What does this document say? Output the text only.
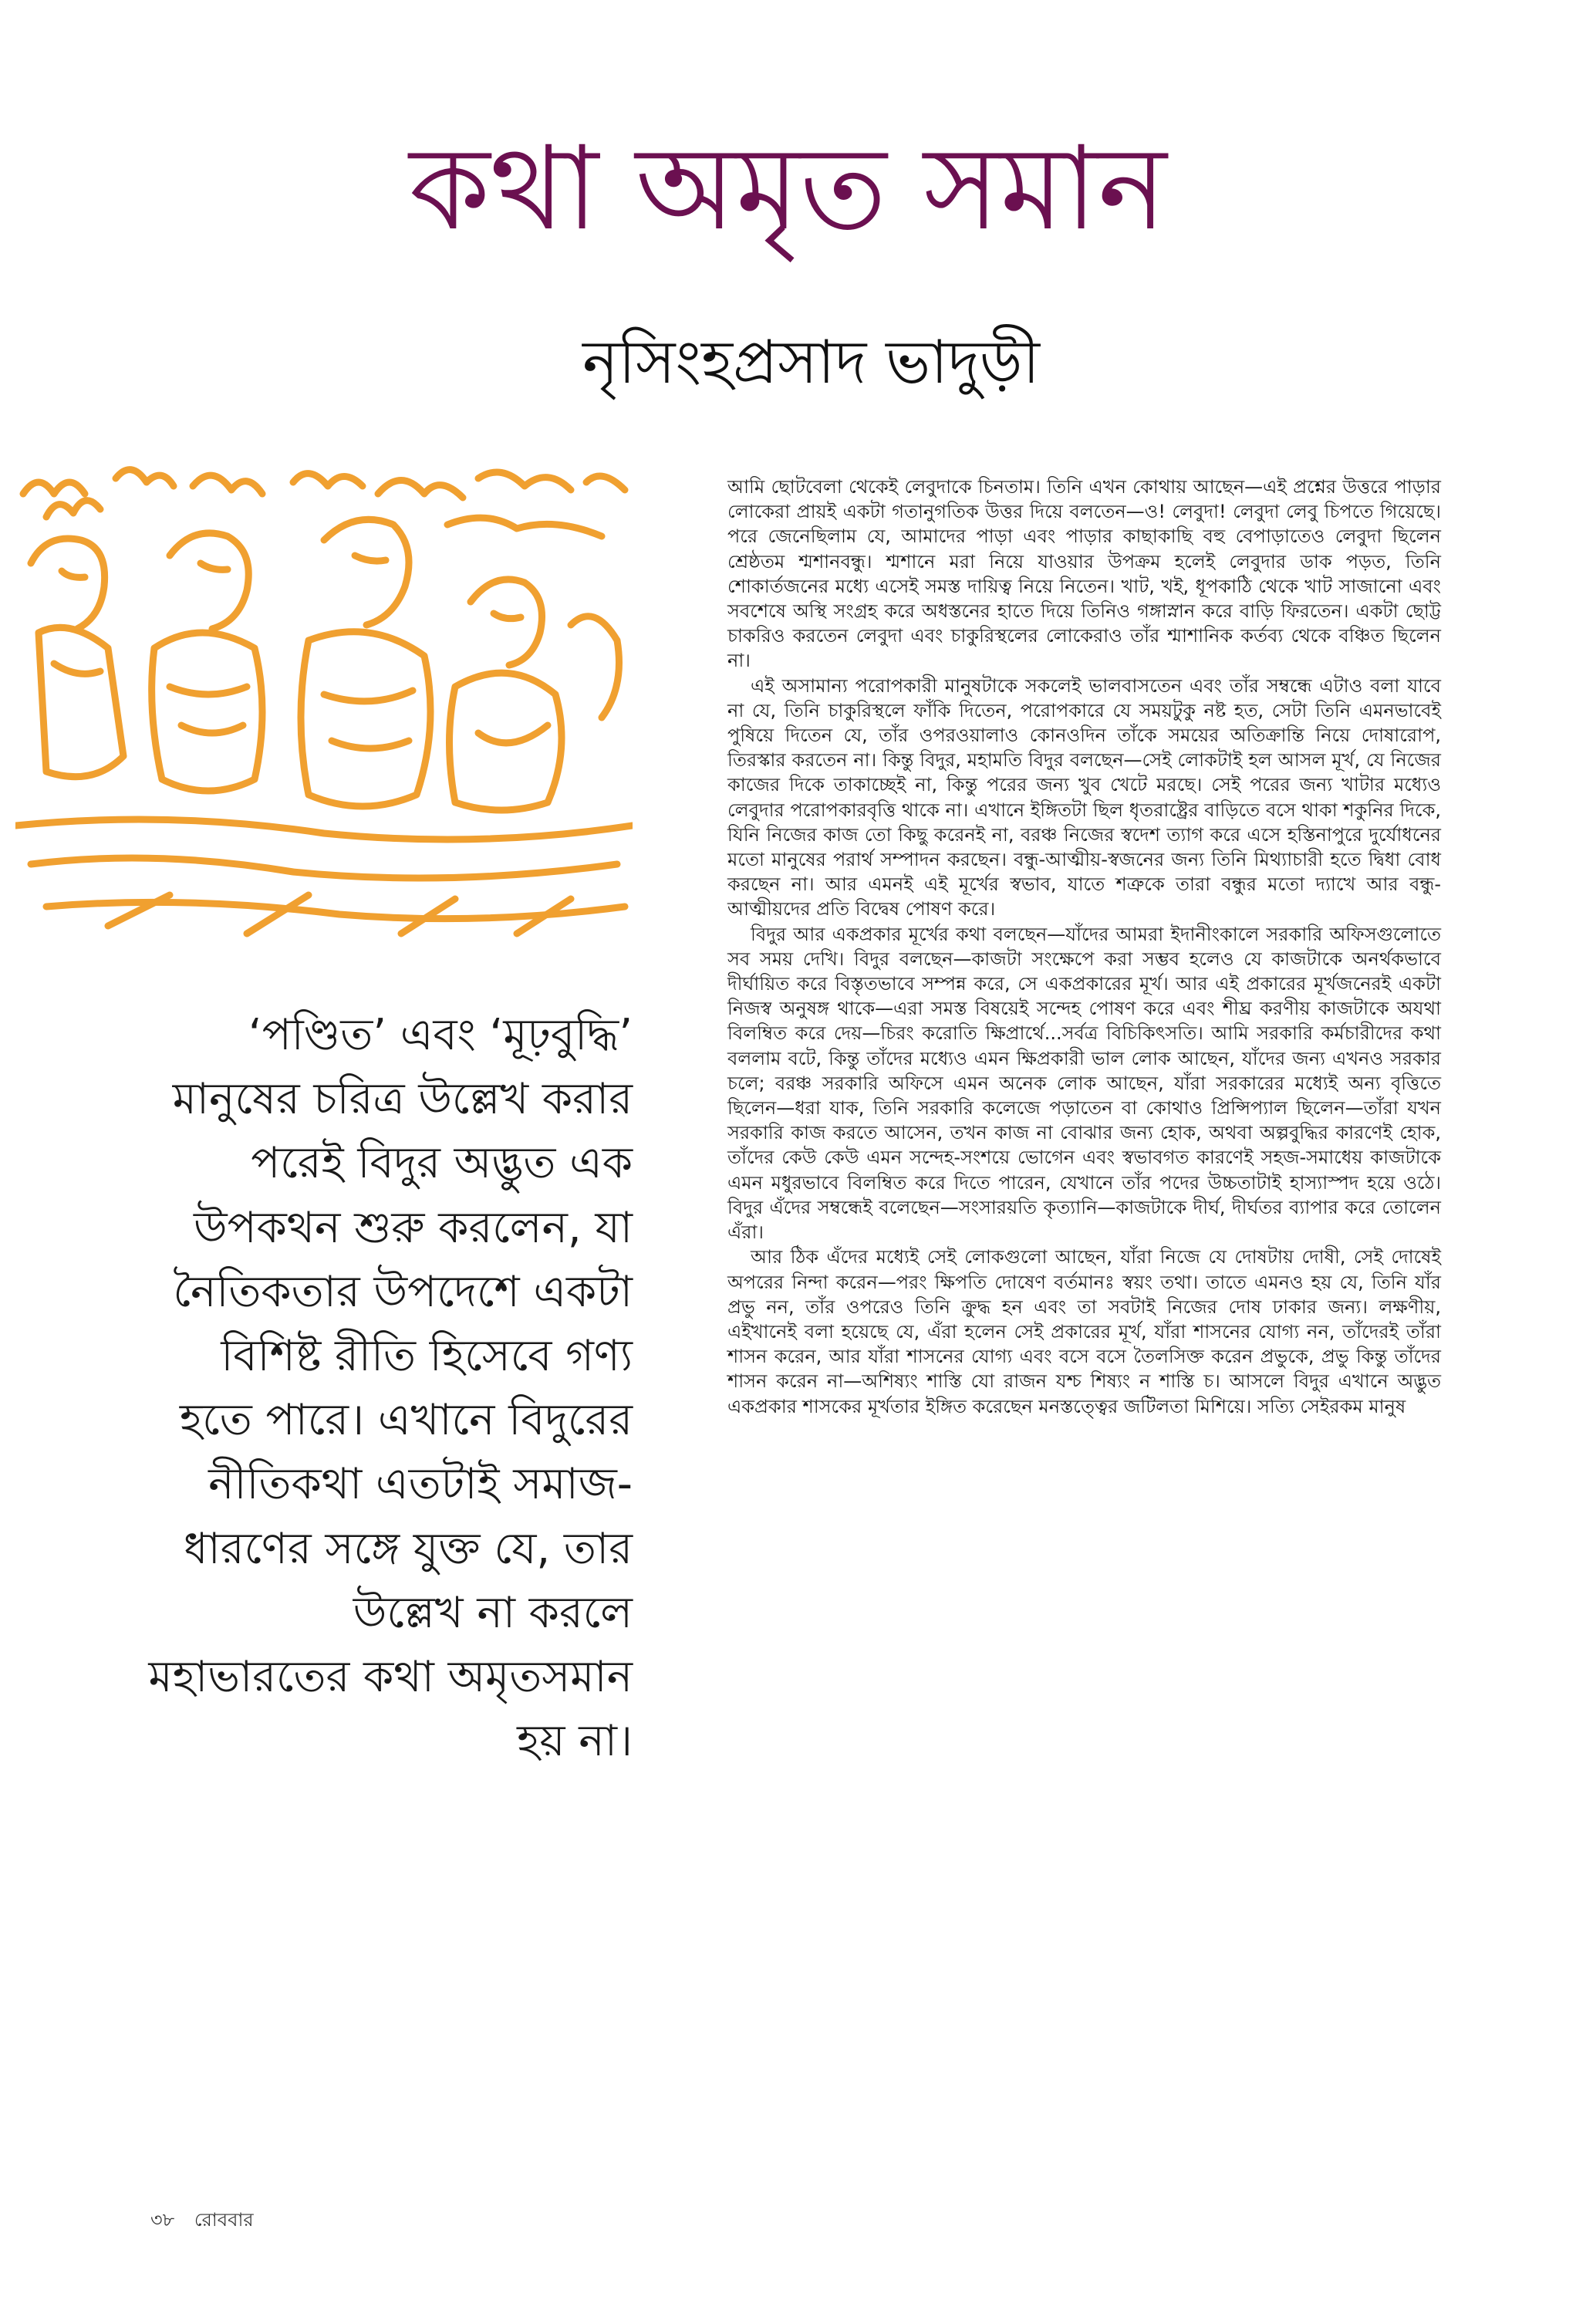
কথা অমৃত সমান
নৃসিংহপ্রসাদ ভাদুড়ী

‘পণ্ডিত’ এবং ‘মূঢ়বুদ্ধি’ মানুষের চরিত্র উল্লেখ করার পরেই বিদুর অদ্ভুত এক উপকথন শুরু করলেন, যা নৈতিকতার উপদেশে একটা বিশিষ্ট রীতি হিসেবে গণ্য হতে পারে। এখানে বিদুরের নীতিকথা এতটাই সমাজ-ধারণের সঙ্গে যুক্ত যে, তার উল্লেখ না করলে মহাভারতের কথা অমৃতসমান হয় না।

আমি ছোটবেলা থেকেই লেবুদাকে চিনতাম। তিনি এখন কোথায় আছেন—এই প্রশ্নের উত্তরে পাড়ার লোকেরা প্রায়ই একটা গতানুগতিক উত্তর দিয়ে বলতেন—ও! লেবুদা! লেবুদা লেবু চিপতে গিয়েছে। পরে জেনেছিলাম যে, আমাদের পাড়া এবং পাড়ার কাছাকাছি বহু বেপাড়াতেও লেবুদা ছিলেন শ্রেষ্ঠতম শ্মশানবন্ধু। শ্মশানে মরা নিয়ে যাওয়ার উপক্রম হলেই লেবুদার ডাক পড়ত, তিনি শোকার্তজনের মধ্যে এসেই সমস্ত দায়িত্ব নিয়ে নিতেন। খাট, খই, ধূপকাঠি থেকে খাট সাজানো এবং সবশেষে অস্থি সংগ্রহ করে অধস্তনের হাতে দিয়ে তিনিও গঙ্গাস্নান করে বাড়ি ফিরতেন। একটা ছোট্ট চাকরিও করতেন লেবুদা এবং চাকুরিস্থলের লোকেরাও তাঁর শ্মাশানিক কর্তব্য থেকে বঞ্চিত ছিলেন না।

এই অসামান্য পরোপকারী মানুষটাকে সকলেই ভালবাসতেন এবং তাঁর সম্বন্ধে এটাও বলা যাবে না যে, তিনি চাকুরিস্থলে ফাঁকি দিতেন, পরোপকারে যে সময়টুকু নষ্ট হত, সেটা তিনি এমনভাবেই পুষিয়ে দিতেন যে, তাঁর ওপরওয়ালাও কোনওদিন তাঁকে সময়ের অতিক্রান্তি নিয়ে দোষারোপ, তিরস্কার করতেন না। কিন্তু বিদুর, মহামতি বিদুর বলছেন—সেই লোকটাই হল আসল মূর্খ, যে নিজের কাজের দিকে তাকাচ্ছেই না, কিন্তু পরের জন্য খুব খেটে মরছে। সেই পরের জন্য খাটার মধ্যেও লেবুদার পরোপকারবৃত্তি থাকে না। এখানে ইঙ্গিতটা ছিল ধৃতরাষ্ট্রের বাড়িতে বসে থাকা শকুনির দিকে, যিনি নিজের কাজ তো কিছু করেনই না, বরঞ্চ নিজের স্বদেশ ত্যাগ করে এসে হস্তিনাপুরে দুর্যোধনের মতো মানুষের পরার্থ সম্পাদন করছেন। বন্ধু-আত্মীয়-স্বজনের জন্য তিনি মিথ্যাচারী হতে দ্বিধা বোধ করছেন না। আর এমনই এই মূর্খের স্বভাব, যাতে শত্রুকে তারা বন্ধুর মতো দ্যাখে আর বন্ধু-আত্মীয়দের প্রতি বিদ্বেষ পোষণ করে।

বিদুর আর একপ্রকার মূর্খের কথা বলছেন—যাঁদের আমরা ইদানীংকালে সরকারি অফিসগুলোতে সব সময় দেখি। বিদুর বলছেন—কাজটা সংক্ষেপে করা সম্ভব হলেও যে কাজটাকে অনর্থকভাবে দীর্ঘায়িত করে বিস্তৃতভাবে সম্পন্ন করে, সে একপ্রকারের মূর্খ। আর এই প্রকারের মূর্খজনেরই একটা নিজস্ব অনুষঙ্গ থাকে—এরা সমস্ত বিষয়েই সন্দেহ পোষণ করে এবং শীঘ্র করণীয় কাজটাকে অযথা বিলম্বিত করে দেয়—চিরং করোতি ক্ষিপ্রার্থে...সর্বত্র বিচিকিৎসতি। আমি সরকারি কর্মচারীদের কথা বললাম বটে, কিন্তু তাঁদের মধ্যেও এমন ক্ষিপ্রকারী ভাল লোক আছেন, যাঁদের জন্য এখনও সরকার চলে; বরঞ্চ সরকারি অফিসে এমন অনেক লোক আছেন, যাঁরা সরকারের মধ্যেই অন্য বৃত্তিতে ছিলেন—ধরা যাক, তিনি সরকারি কলেজে পড়াতেন বা কোথাও প্রিন্সিপ্যাল ছিলেন—তাঁরা যখন সরকারি কাজ করতে আসেন, তখন কাজ না বোঝার জন্য হোক, অথবা অল্পবুদ্ধির কারণেই হোক, তাঁদের কেউ কেউ এমন সন্দেহ-সংশয়ে ভোগেন এবং স্বভাবগত কারণেই সহজ-সমাধেয় কাজটাকে এমন মধুরভাবে বিলম্বিত করে দিতে পারেন, যেখানে তাঁর পদের উচ্চতাটাই হাস্যাস্পদ হয়ে ওঠে। বিদুর এঁদের সম্বন্ধেই বলেছেন—সংসারয়তি কৃত্যানি—কাজটাকে দীর্ঘ, দীর্ঘতর ব্যাপার করে তোলেন এঁরা।

আর ঠিক এঁদের মধ্যেই সেই লোকগুলো আছেন, যাঁরা নিজে যে দোষটায় দোষী, সেই দোষেই অপরের নিন্দা করেন—পরং ক্ষিপতি দোষেণ বর্তমানঃ স্বয়ং তথা। তাতে এমনও হয় যে, তিনি যাঁর প্রভু নন, তাঁর ওপরেও তিনি ক্রুদ্ধ হন এবং তা সবটাই নিজের দোষ ঢাকার জন্য। লক্ষণীয়, এইখানেই বলা হয়েছে যে, এঁরা হলেন সেই প্রকারের মূর্খ, যাঁরা শাসনের যোগ্য নন, তাঁদেরই তাঁরা শাসন করেন, আর যাঁরা শাসনের যোগ্য এবং বসে বসে তৈলসিক্ত করেন প্রভুকে, প্রভু কিন্তু তাঁদের শাসন করেন না—অশিষ্যং শাস্তি যো রাজন যশ্চ শিষ্যং ন শাস্তি চ। আসলে বিদুর এখানে অদ্ভুত একপ্রকার শাসকের মূর্খতার ইঙ্গিত করেছেন মনস্তত্ত্বের জটিলতা মিশিয়ে। সত্যি সেইরকম মানুষ

৩৮ রোববার
